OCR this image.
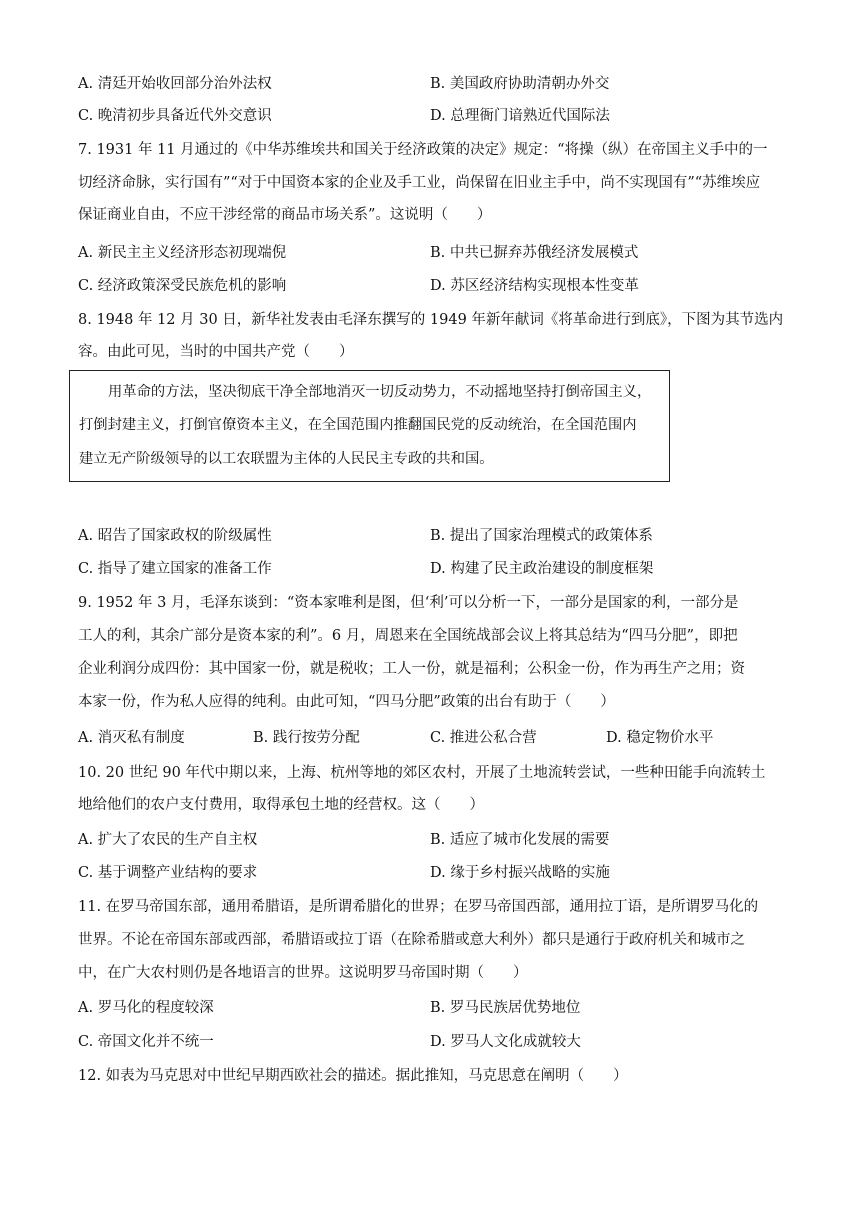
A. 清廷开始收回部分治外法权	B. 美国政府协助清朝办外交
C. 晚清初步具备近代外交意识	D. 总理衙门谙熟近代国际法
7. 1931 年 11 月通过的《中华苏维埃共和国关于经济政策的决定》规定：“将操（纵）在帝国主义手中的一
切经济命脉，实行国有”“对于中国资本家的企业及手工业，尚保留在旧业主手中，尚不实现国有”“苏维埃应
保证商业自由，不应干涉经常的商品市场关系”。这说明（　　）
A. 新民主主义经济形态初现端倪	B. 中共已摒弃苏俄经济发展模式
C. 经济政策深受民族危机的影响	D. 苏区经济结构实现根本性变革
8. 1948 年 12 月 30 日，新华社发表由毛泽东撰写的 1949 年新年献词《将革命进行到底》，下图为其节选内
容。由此可见，当时的中国共产党（　　）
用革命的方法，坚决彻底干净全部地消灭一切反动势力，不动摇地坚持打倒帝国主义，
打倒封建主义，打倒官僚资本主义，在全国范围内推翻国民党的反动统治，在全国范围内
建立无产阶级领导的以工农联盟为主体的人民民主专政的共和国。
A. 昭告了国家政权的阶级属性	B. 提出了国家治理模式的政策体系
C. 指导了建立国家的准备工作	D. 构建了民主政治建设的制度框架
9. 1952 年 3 月，毛泽东谈到：“资本家唯利是图，但‘利’可以分析一下，一部分是国家的利，一部分是
工人的利，其余广部分是资本家的利”。6 月，周恩来在全国统战部会议上将其总结为“四马分肥”，即把
企业利润分成四份：其中国家一份，就是税收；工人一份，就是福利；公积金一份，作为再生产之用；资
本家一份，作为私人应得的纯利。由此可知，“四马分肥”政策的出台有助于（　　）
A. 消灭私有制度	B. 践行按劳分配	C. 推进公私合营	D. 稳定物价水平
10. 20 世纪 90 年代中期以来，上海、杭州等地的郊区农村，开展了土地流转尝试，一些种田能手向流转土
地给他们的农户支付费用，取得承包土地的经营权。这（　　）
A. 扩大了农民的生产自主权	B. 适应了城市化发展的需要
C. 基于调整产业结构的要求	D. 缘于乡村振兴战略的实施
11. 在罗马帝国东部，通用希腊语，是所谓希腊化的世界；在罗马帝国西部，通用拉丁语，是所谓罗马化的
世界。不论在帝国东部或西部，希腊语或拉丁语（在除希腊或意大利外）都只是通行于政府机关和城市之
中，在广大农村则仍是各地语言的世界。这说明罗马帝国时期（　　）
A. 罗马化的程度较深	B. 罗马民族居优势地位
C. 帝国文化并不统一	D. 罗马人文化成就较大
12. 如表为马克思对中世纪早期西欧社会的描述。据此推知，马克思意在阐明（　　）
